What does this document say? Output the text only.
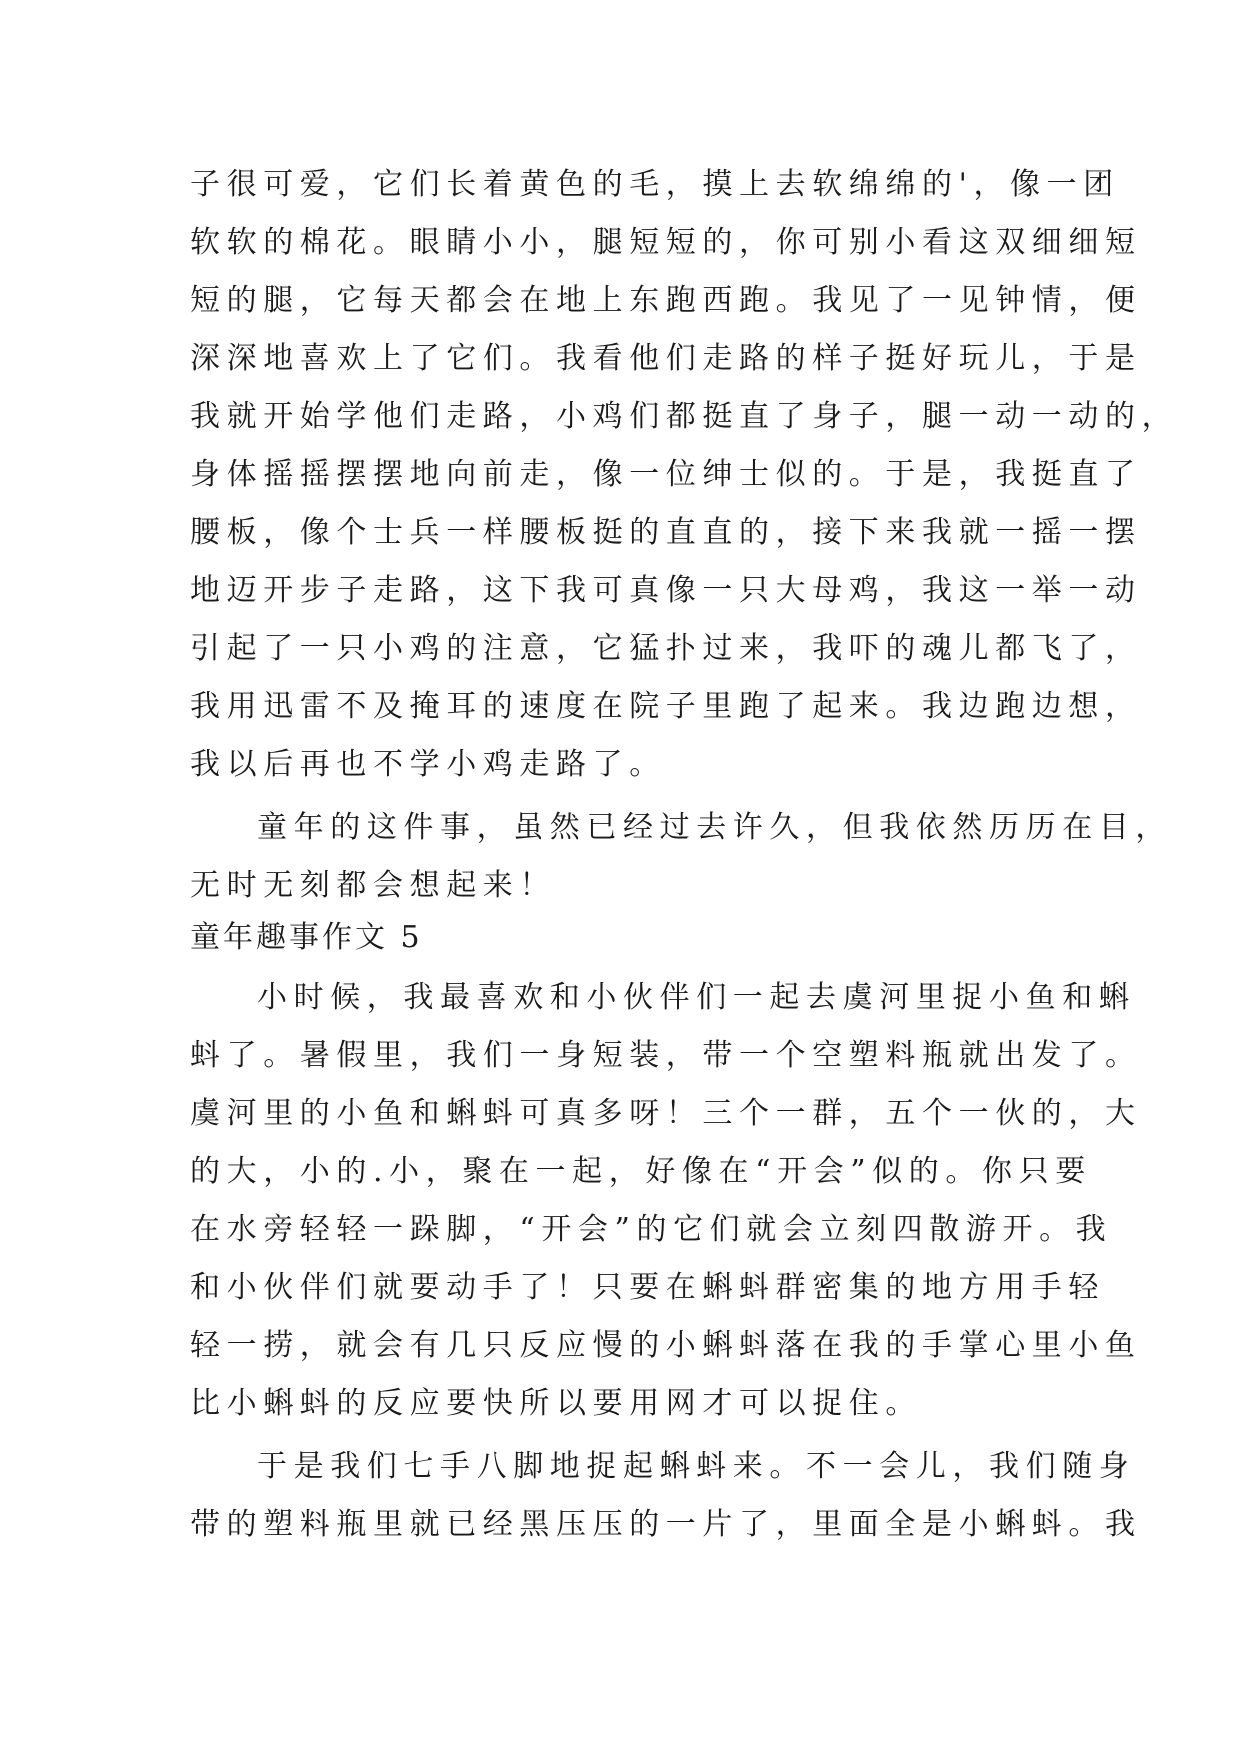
子很可爱，它们长着黄色的毛，摸上去软绵绵的'，像一团
软软的棉花。眼睛小小，腿短短的，你可别小看这双细细短
短的腿，它每天都会在地上东跑西跑。我见了一见钟情，便
深深地喜欢上了它们。我看他们走路的样子挺好玩儿，于是
我就开始学他们走路，小鸡们都挺直了身子，腿一动一动的，
身体摇摇摆摆地向前走，像一位绅士似的。于是，我挺直了
腰板，像个士兵一样腰板挺的直直的，接下来我就一摇一摆
地迈开步子走路，这下我可真像一只大母鸡，我这一举一动
引起了一只小鸡的注意，它猛扑过来，我吓的魂儿都飞了，
我用迅雷不及掩耳的速度在院子里跑了起来。我边跑边想，
我以后再也不学小鸡走路了。
童年的这件事，虽然已经过去许久，但我依然历历在目，
无时无刻都会想起来！
童年趣事作文 5
小时候，我最喜欢和小伙伴们一起去虞河里捉小鱼和蝌
蚪了。暑假里，我们一身短装，带一个空塑料瓶就出发了。
虞河里的小鱼和蝌蚪可真多呀！三个一群，五个一伙的，大
的大，小的.小，聚在一起，好像在“开会”似的。你只要
在水旁轻轻一跺脚，“开会”的它们就会立刻四散游开。我
和小伙伴们就要动手了！只要在蝌蚪群密集的地方用手轻
轻一捞，就会有几只反应慢的小蝌蚪落在我的手掌心里小鱼
比小蝌蚪的反应要快所以要用网才可以捉住。
于是我们七手八脚地捉起蝌蚪来。不一会儿，我们随身
带的塑料瓶里就已经黑压压的一片了，里面全是小蝌蚪。我
